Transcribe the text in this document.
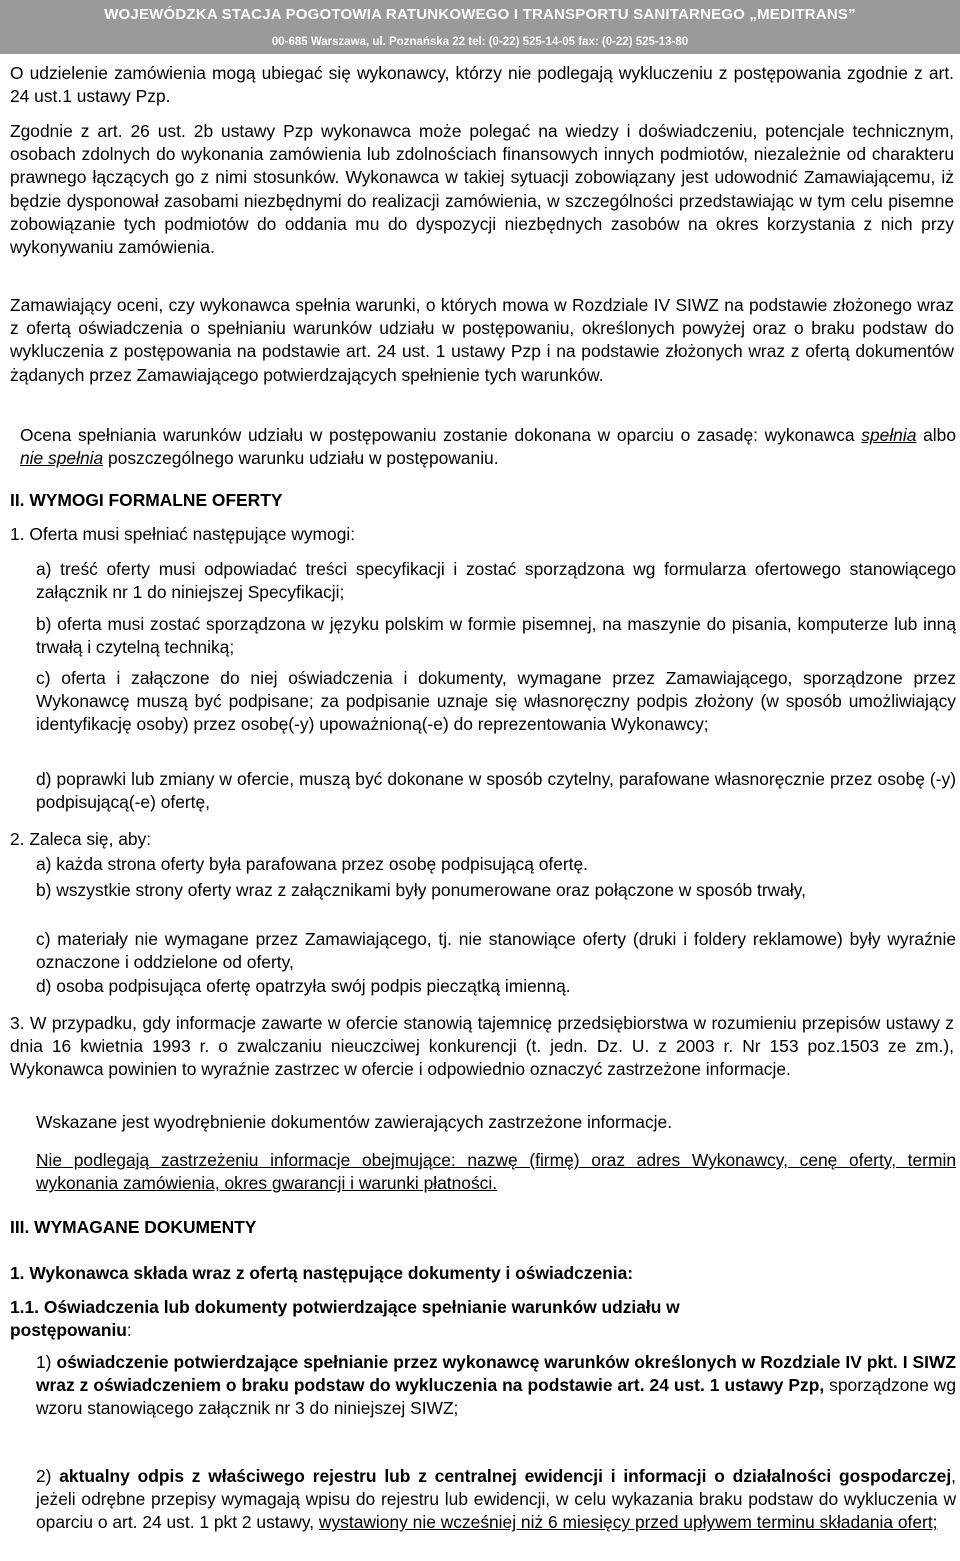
WOJEWÓDZKA STACJA POGOTOWIA RATUNKOWEGO I TRANSPORTU SANITARNEGO „MEDITRANS”
00-685 Warszawa, ul. Poznańska 22 tel: (0-22) 525-14-05 fax: (0-22) 525-13-80
O udzielenie zamówienia mogą ubiegać się wykonawcy, którzy nie podlegają wykluczeniu z postępowania zgodnie z art. 24 ust.1 ustawy Pzp.
Zgodnie z art. 26 ust. 2b ustawy Pzp wykonawca może polegać na wiedzy i doświadczeniu, potencjale technicznym, osobach zdolnych do wykonania zamówienia lub zdolnościach finansowych innych podmiotów, niezależnie od charakteru prawnego łączących go z nimi stosunków. Wykonawca w takiej sytuacji zobowiązany jest udowodnić Zamawiającemu, iż będzie dysponował zasobami niezbędnymi do realizacji zamówienia, w szczególności przedstawiając w tym celu pisemne zobowiązanie tych podmiotów do oddania mu do dyspozycji niezbędnych zasobów na okres korzystania z nich przy wykonywaniu zamówienia.
Zamawiający oceni, czy wykonawca spełnia warunki, o których mowa w Rozdziale IV SIWZ na podstawie złożonego wraz z ofertą oświadczenia o spełnianiu warunków udziału w postępowaniu, określonych powyżej oraz o braku podstaw do wykluczenia z postępowania na podstawie art. 24 ust. 1 ustawy Pzp i na podstawie złożonych wraz z ofertą dokumentów żądanych przez Zamawiającego potwierdzających spełnienie tych warunków.
Ocena spełniania warunków udziału w postępowaniu zostanie dokonana w oparciu o zasadę: wykonawca spełnia albo nie spełnia poszczególnego warunku udziału w postępowaniu.
II. WYMOGI FORMALNE OFERTY
1. Oferta musi spełniać następujące wymogi:
a) treść oferty musi odpowiadać treści specyfikacji i zostać sporządzona wg formularza ofertowego stanowiącego załącznik nr 1 do niniejszej Specyfikacji;
b) oferta musi zostać sporządzona w języku polskim w formie pisemnej, na maszynie do pisania, komputerze lub inną trwałą i czytelną techniką;
c) oferta i załączone do niej oświadczenia i dokumenty, wymagane przez Zamawiającego, sporządzone przez Wykonawcę muszą być podpisane; za podpisanie uznaje się własnoręczny podpis złożony (w sposób umożliwiający identyfikację osoby) przez osobę(-y) upoważnioną(-e) do reprezentowania Wykonawcy;
d) poprawki lub zmiany w ofercie, muszą być dokonane w sposób czytelny, parafowane własnoręcznie przez osobę (-y) podpisującą(-e) ofertę,
2. Zaleca się, aby:
a) każda strona oferty była parafowana przez osobę podpisującą ofertę.
b) wszystkie strony oferty wraz z załącznikami były ponumerowane oraz połączone w sposób trwały,
c) materiały nie wymagane przez Zamawiającego, tj. nie stanowiące oferty (druki i foldery reklamowe) były wyraźnie oznaczone i oddzielone od oferty,
d) osoba podpisująca ofertę opatrzyła swój podpis pieczątką imienną.
3. W przypadku, gdy informacje zawarte w ofercie stanowią tajemnicę przedsiębiorstwa w rozumieniu przepisów ustawy z dnia 16 kwietnia 1993 r. o zwalczaniu nieuczciwej konkurencji (t. jedn. Dz. U. z 2003 r. Nr 153 poz.1503 ze zm.), Wykonawca powinien to wyraźnie zastrzec w ofercie i odpowiednio oznaczyć zastrzeżone informacje.
Wskazane jest wyodrębnienie dokumentów zawierających zastrzeżone informacje.
Nie podlegają zastrzeżeniu informacje obejmujące: nazwę (firmę) oraz adres Wykonawcy, cenę oferty, termin wykonania zamówienia, okres gwarancji i warunki płatności.
III. WYMAGANE DOKUMENTY
1. Wykonawca składa wraz z ofertą następujące dokumenty i oświadczenia:
1.1. Oświadczenia lub dokumenty potwierdzające spełnianie warunków udziału w
postępowaniu:
1) oświadczenie potwierdzające spełnianie przez wykonawcę warunków określonych w Rozdziale IV pkt. I SIWZ wraz z oświadczeniem o braku podstaw do wykluczenia na podstawie art. 24 ust. 1 ustawy Pzp, sporządzone wg wzoru stanowiącego załącznik nr 3 do niniejszej SIWZ;
2) aktualny odpis z właściwego rejestru lub z centralnej ewidencji i informacji o działalności gospodarczej, jeżeli odrębne przepisy wymagają wpisu do rejestru lub ewidencji, w celu wykazania braku podstaw do wykluczenia w oparciu o art. 24 ust. 1 pkt 2 ustawy, wystawiony nie wcześniej niż 6 miesięcy przed upływem terminu składania ofert;
